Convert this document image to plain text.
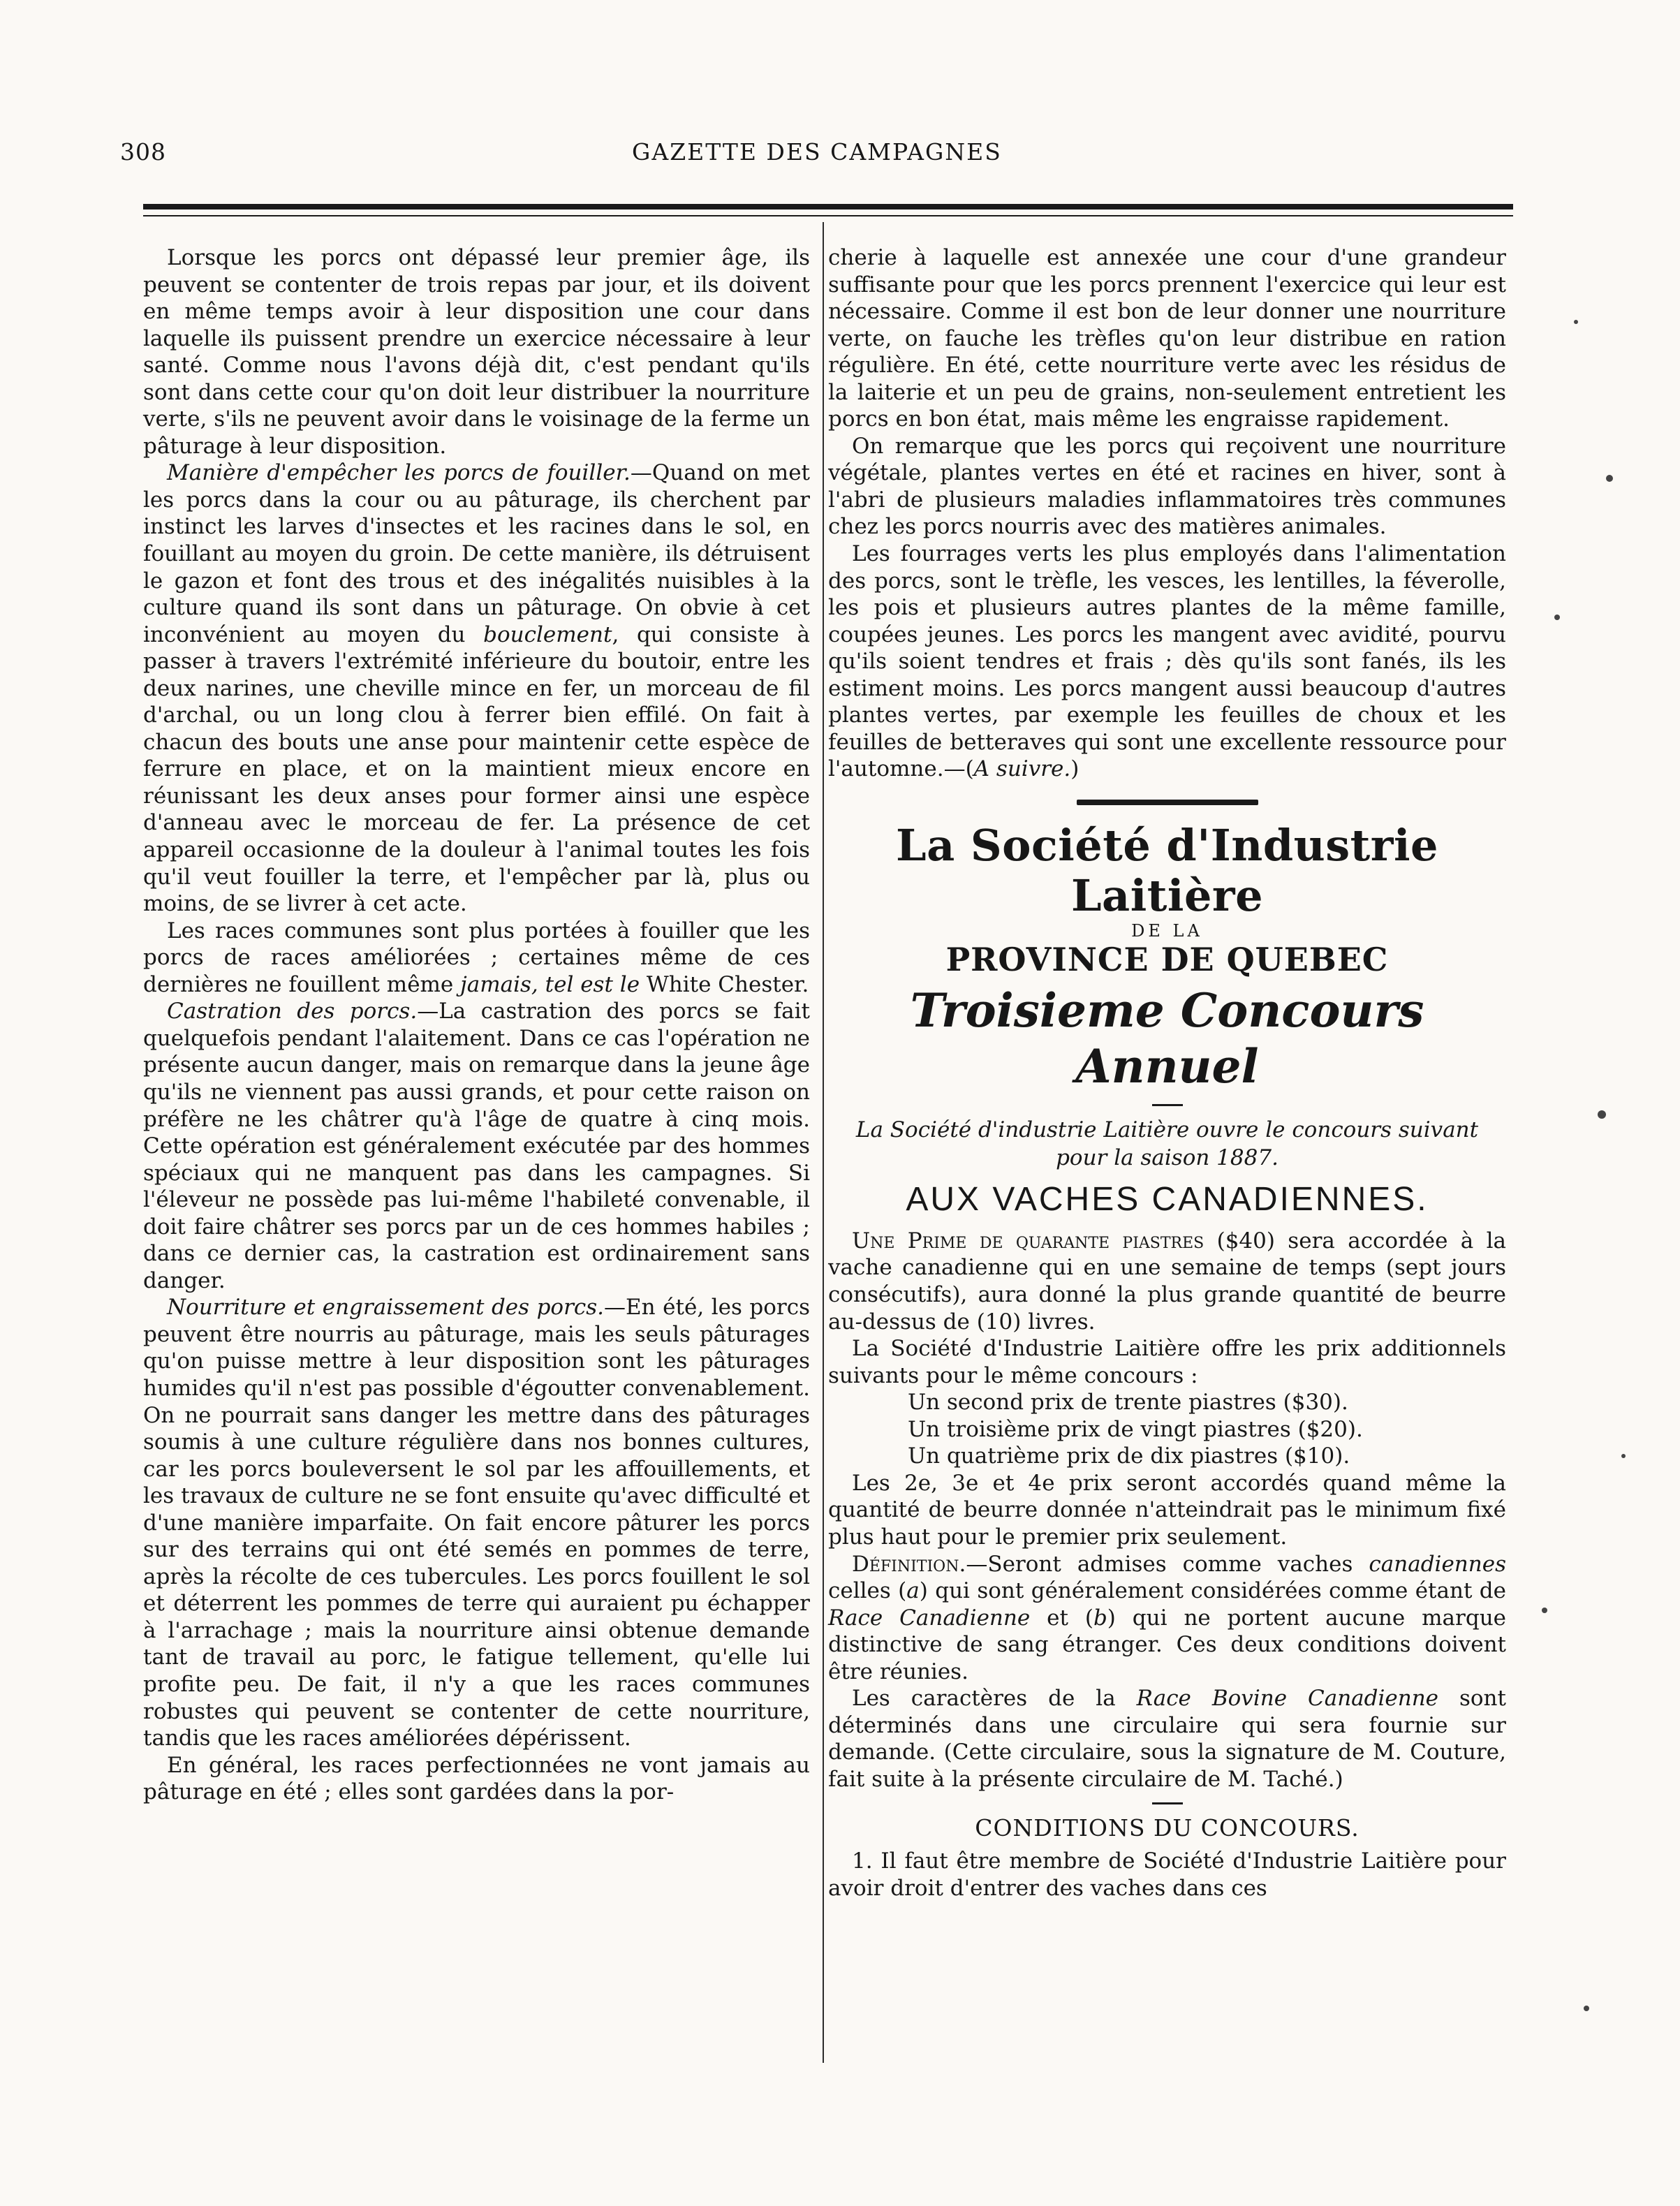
308	GAZETTE DES CAMPAGNES

Lorsque les porcs ont dépassé leur premier âge, ils peuvent se contenter de trois repas par jour, et ils doivent en même temps avoir à leur disposition une cour dans laquelle ils puissent prendre un exercice nécessaire à leur santé. Comme nous l'avons déjà dit, c'est pendant qu'ils sont dans cette cour qu'on doit leur distribuer la nourriture verte, s'ils ne peuvent avoir dans le voisinage de la ferme un pâturage à leur disposition.

Manière d'empêcher les porcs de fouiller.—Quand on met les porcs dans la cour ou au pâturage, ils cherchent par instinct les larves d'insectes et les racines dans le sol, en fouillant au moyen du groin. De cette manière, ils détruisent le gazon et font des trous et des inégalités nuisibles à la culture quand ils sont dans un pâturage. On obvie à cet inconvénient au moyen du bouclement, qui consiste à passer à travers l'extrémité inférieure du boutoir, entre les deux narines, une cheville mince en fer, un morceau de fil d'archal, ou un long clou à ferrer bien effilé. On fait à chacun des bouts une anse pour maintenir cette espèce de ferrure en place, et on la maintient mieux encore en réunissant les deux anses pour former ainsi une espèce d'anneau avec le morceau de fer. La présence de cet appareil occasionne de la douleur à l'animal toutes les fois qu'il veut fouiller la terre, et l'empêcher par là, plus ou moins, de se livrer à cet acte.

Les races communes sont plus portées à fouiller que les porcs de races améliorées ; certaines même de ces dernières ne fouillent même jamais, tel est le White Chester.

Castration des porcs.—La castration des porcs se fait quelquefois pendant l'alaitement. Dans ce cas l'opération ne présente aucun danger, mais on remarque dans la jeune âge qu'ils ne viennent pas aussi grands, et pour cette raison on préfère ne les châtrer qu'à l'âge de quatre à cinq mois. Cette opération est généralement exécutée par des hommes spéciaux qui ne manquent pas dans les campagnes. Si l'éleveur ne possède pas lui-même l'habileté convenable, il doit faire châtrer ses porcs par un de ces hommes habiles ; dans ce dernier cas, la castration est ordinairement sans danger.

Nourriture et engraissement des porcs.—En été, les porcs peuvent être nourris au pâturage, mais les seuls pâturages qu'on puisse mettre à leur disposition sont les pâturages humides qu'il n'est pas possible d'égoutter convenablement. On ne pourrait sans danger les mettre dans des pâturages soumis à une culture régulière dans nos bonnes cultures, car les porcs bouleversent le sol par les affouillements, et les travaux de culture ne se font ensuite qu'avec difficulté et d'une manière imparfaite. On fait encore pâturer les porcs sur des terrains qui ont été semés en pommes de terre, après la récolte de ces tubercules. Les porcs fouillent le sol et déterrent les pommes de terre qui auraient pu échapper à l'arrachage ; mais la nourriture ainsi obtenue demande tant de travail au porc, le fatigue tellement, qu'elle lui profite peu. De fait, il n'y a que les races communes robustes qui peuvent se contenter de cette nourriture, tandis que les races améliorées dépérissent.

En général, les races perfectionnées ne vont jamais au pâturage en été ; elles sont gardées dans la por-

cherie à laquelle est annexée une cour d'une grandeur suffisante pour que les porcs prennent l'exercice qui leur est nécessaire. Comme il est bon de leur donner une nourriture verte, on fauche les trèfles qu'on leur distribue en ration régulière. En été, cette nourriture verte avec les résidus de la laiterie et un peu de grains, non-seulement entretient les porcs en bon état, mais même les engraisse rapidement.

On remarque que les porcs qui reçoivent une nourriture végétale, plantes vertes en été et racines en hiver, sont à l'abri de plusieurs maladies inflammatoires très communes chez les porcs nourris avec des matières animales.

Les fourrages verts les plus employés dans l'alimentation des porcs, sont le trèfle, les vesces, les lentilles, la féverolle, les pois et plusieurs autres plantes de la même famille, coupées jeunes. Les porcs les mangent avec avidité, pourvu qu'ils soient tendres et frais ; dès qu'ils sont fanés, ils les estiment moins. Les porcs mangent aussi beaucoup d'autres plantes vertes, par exemple les feuilles de choux et les feuilles de betteraves qui sont une excellente ressource pour l'automne.—(A suivre.)

La Société d'Industrie Laitière
DE LA
PROVINCE DE QUEBEC
Troisieme Concours Annuel
La Société d'industrie Laitière ouvre le concours suivant
pour la saison 1887.
AUX VACHES CANADIENNES.

Une Prime de quarante piastres ($40) sera accordée à la vache canadienne qui en une semaine de temps (sept jours consécutifs), aura donné la plus grande quantité de beurre au-dessus de (10) livres.

La Société d'Industrie Laitière offre les prix additionnels suivants pour le même concours :

Un second prix de trente piastres ($30).
Un troisième prix de vingt piastres ($20).
Un quatrième prix de dix piastres ($10).

Les 2e, 3e et 4e prix seront accordés quand même la quantité de beurre donnée n'atteindrait pas le minimum fixé plus haut pour le premier prix seulement.

Définition.—Seront admises comme vaches canadiennes celles (a) qui sont généralement considérées comme étant de Race Canadienne et (b) qui ne portent aucune marque distinctive de sang étranger. Ces deux conditions doivent être réunies.

Les caractères de la Race Bovine Canadienne sont déterminés dans une circulaire qui sera fournie sur demande. (Cette circulaire, sous la signature de M. Couture, fait suite à la présente circulaire de M. Taché.)

CONDITIONS DU CONCOURS.

1. Il faut être membre de Société d'Industrie Laitière pour avoir droit d'entrer des vaches dans ces
